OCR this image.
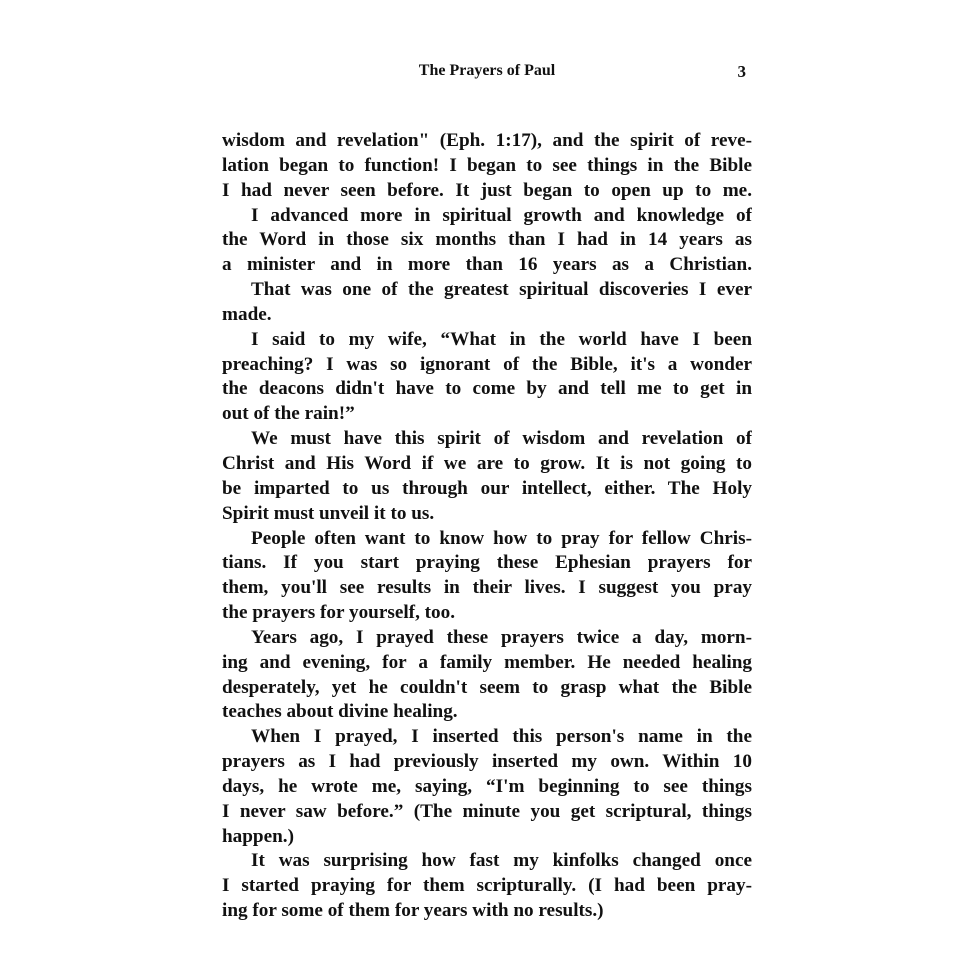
The Prayers of Paul	3
wisdom and revelation" (Eph. 1:17), and the spirit of reve-
lation began to function! I began to see things in the Bible
I had never seen before. It just began to open up to me.
I advanced more in spiritual growth and knowledge of
the Word in those six months than I had in 14 years as
a minister and in more than 16 years as a Christian.
That was one of the greatest spiritual discoveries I ever
made.
I said to my wife, “What in the world have I been
preaching? I was so ignorant of the Bible, it's a wonder
the deacons didn't have to come by and tell me to get in
out of the rain!”
We must have this spirit of wisdom and revelation of
Christ and His Word if we are to grow. It is not going to
be imparted to us through our intellect, either. The Holy
Spirit must unveil it to us.
People often want to know how to pray for fellow Chris-
tians. If you start praying these Ephesian prayers for
them, you'll see results in their lives. I suggest you pray
the prayers for yourself, too.
Years ago, I prayed these prayers twice a day, morn-
ing and evening, for a family member. He needed healing
desperately, yet he couldn't seem to grasp what the Bible
teaches about divine healing.
When I prayed, I inserted this person's name in the
prayers as I had previously inserted my own. Within 10
days, he wrote me, saying, “I'm beginning to see things
I never saw before.” (The minute you get scriptural, things
happen.)
It was surprising how fast my kinfolks changed once
I started praying for them scripturally. (I had been pray-
ing for some of them for years with no results.)
